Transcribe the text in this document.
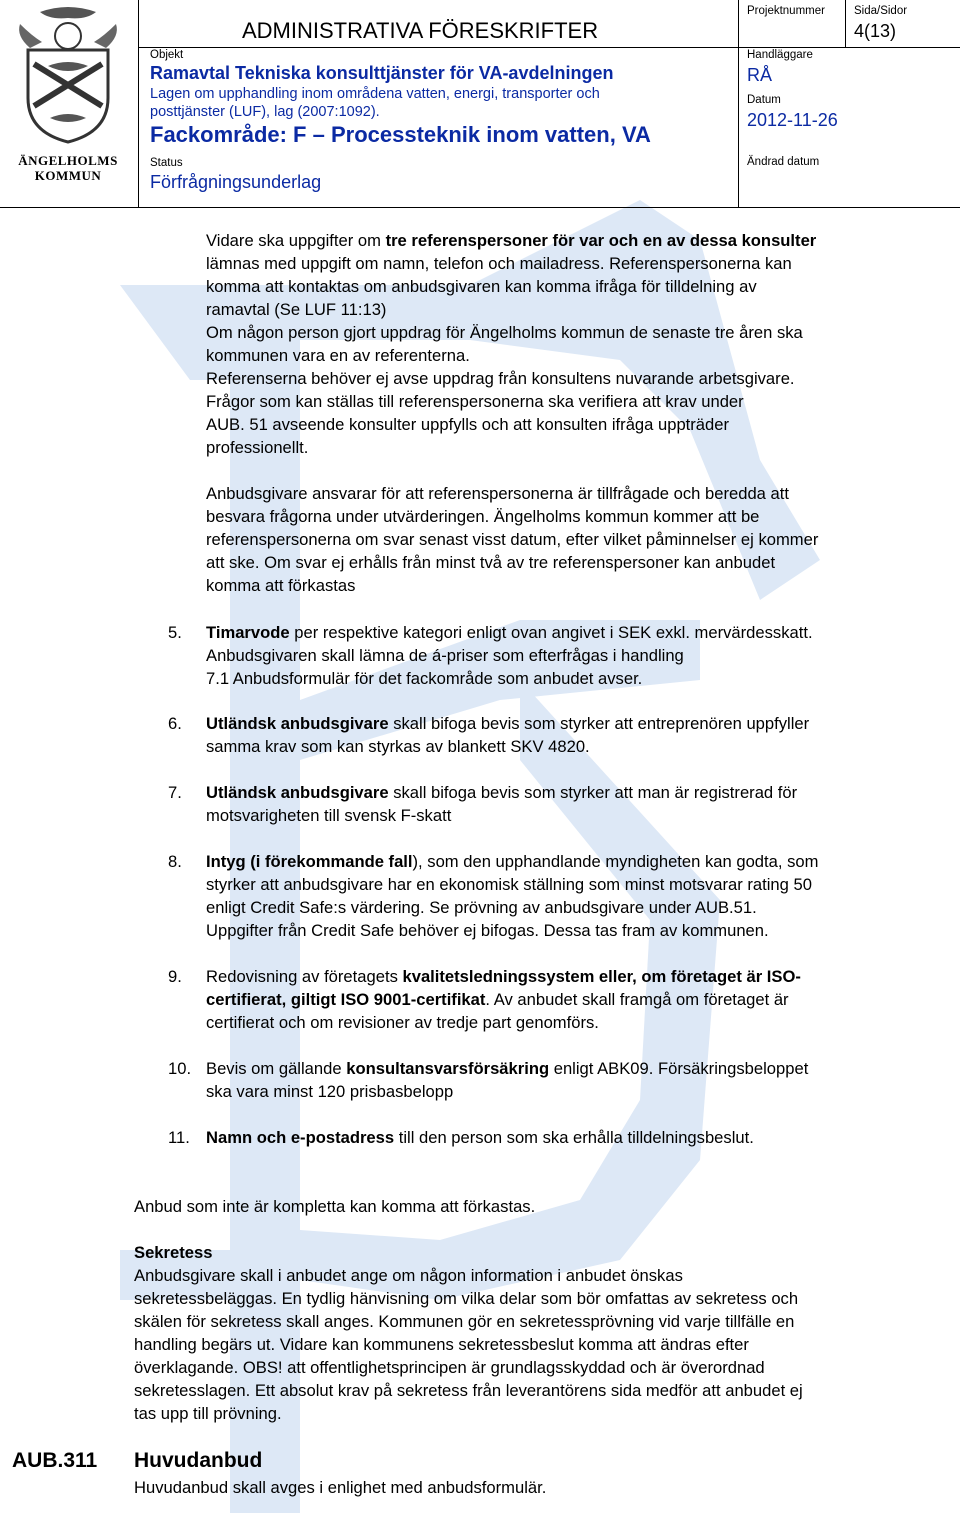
ÄNGELHOLMS
KOMMUN
ADMINISTRATIVA FÖRESKRIFTER
Objekt
Ramavtal Tekniska konsulttjänster för VA-avdelningen
Lagen om upphandling inom områdena vatten, energi, transporter och
posttjänster (LUF), lag (2007:1092).
Fackområde: F – Processteknik inom vatten, VA
Status
Förfrågningsunderlag
Projektnummer	Sida/Sidor
4(13)
Handläggare
RÅ
Datum
2012-11-26
Ändrad datum
Vidare ska uppgifter om tre referenspersoner för var och en av dessa konsulter
lämnas med uppgift om namn, telefon och mailadress. Referenspersonerna kan
komma att kontaktas om anbudsgivaren kan komma ifråga för tilldelning av
ramavtal (Se LUF 11:13)
Om någon person gjort uppdrag för Ängelholms kommun de senaste tre åren ska
kommunen vara en av referenterna.
Referenserna behöver ej avse uppdrag från konsultens nuvarande arbetsgivare.
Frågor som kan ställas till referenspersonerna ska verifiera att krav under
AUB. 51 avseende konsulter uppfylls och att konsulten ifråga uppträder
professionellt.
Anbudsgivare ansvarar för att referenspersonerna är tillfrågade och beredda att
besvara frågorna under utvärderingen. Ängelholms kommun kommer att be
referenspersonerna om svar senast visst datum, efter vilket påminnelser ej kommer
att ske. Om svar ej erhålls från minst två av tre referenspersoner kan anbudet
komma att förkastas
5. Timarvode per respektive kategori enligt ovan angivet i SEK exkl. mervärdesskatt.
Anbudsgivaren skall lämna de á-priser som efterfrågas i handling
7.1 Anbudsformulär för det fackområde som anbudet avser.
6. Utländsk anbudsgivare skall bifoga bevis som styrker att entreprenören uppfyller
samma krav som kan styrkas av blankett SKV 4820.
7. Utländsk anbudsgivare skall bifoga bevis som styrker att man är registrerad för
motsvarigheten till svensk F-skatt
8. Intyg (i förekommande fall), som den upphandlande myndigheten kan godta, som
styrker att anbudsgivare har en ekonomisk ställning som minst motsvarar rating 50
enligt Credit Safe:s värdering. Se prövning av anbudsgivare under AUB.51.
Uppgifter från Credit Safe behöver ej bifogas. Dessa tas fram av kommunen.
9. Redovisning av företagets kvalitetsledningssystem eller, om företaget är ISO-
certifierat, giltigt ISO 9001-certifikat. Av anbudet skall framgå om företaget är
certifierat och om revisioner av tredje part genomförs.
10. Bevis om gällande konsultansvarsförsäkring enligt ABK09. Försäkringsbeloppet
ska vara minst 120 prisbasbelopp
11. Namn och e-postadress till den person som ska erhålla tilldelningsbeslut.
Anbud som inte är kompletta kan komma att förkastas.
Sekretess
Anbudsgivare skall i anbudet ange om någon information i anbudet önskas
sekretessbeläggas. En tydlig hänvisning om vilka delar som bör omfattas av sekretess och
skälen för sekretess skall anges. Kommunen gör en sekretessprövning vid varje tillfälle en
handling begärs ut. Vidare kan kommunens sekretessbeslut komma att ändras efter
överklagande. OBS! att offentlighetsprincipen är grundlagsskyddad och är överordnad
sekretesslagen. Ett absolut krav på sekretess från leverantörens sida medför att anbudet ej
tas upp till prövning.
AUB.311 Huvudanbud
Huvudanbud skall avges i enlighet med anbudsformulär.
